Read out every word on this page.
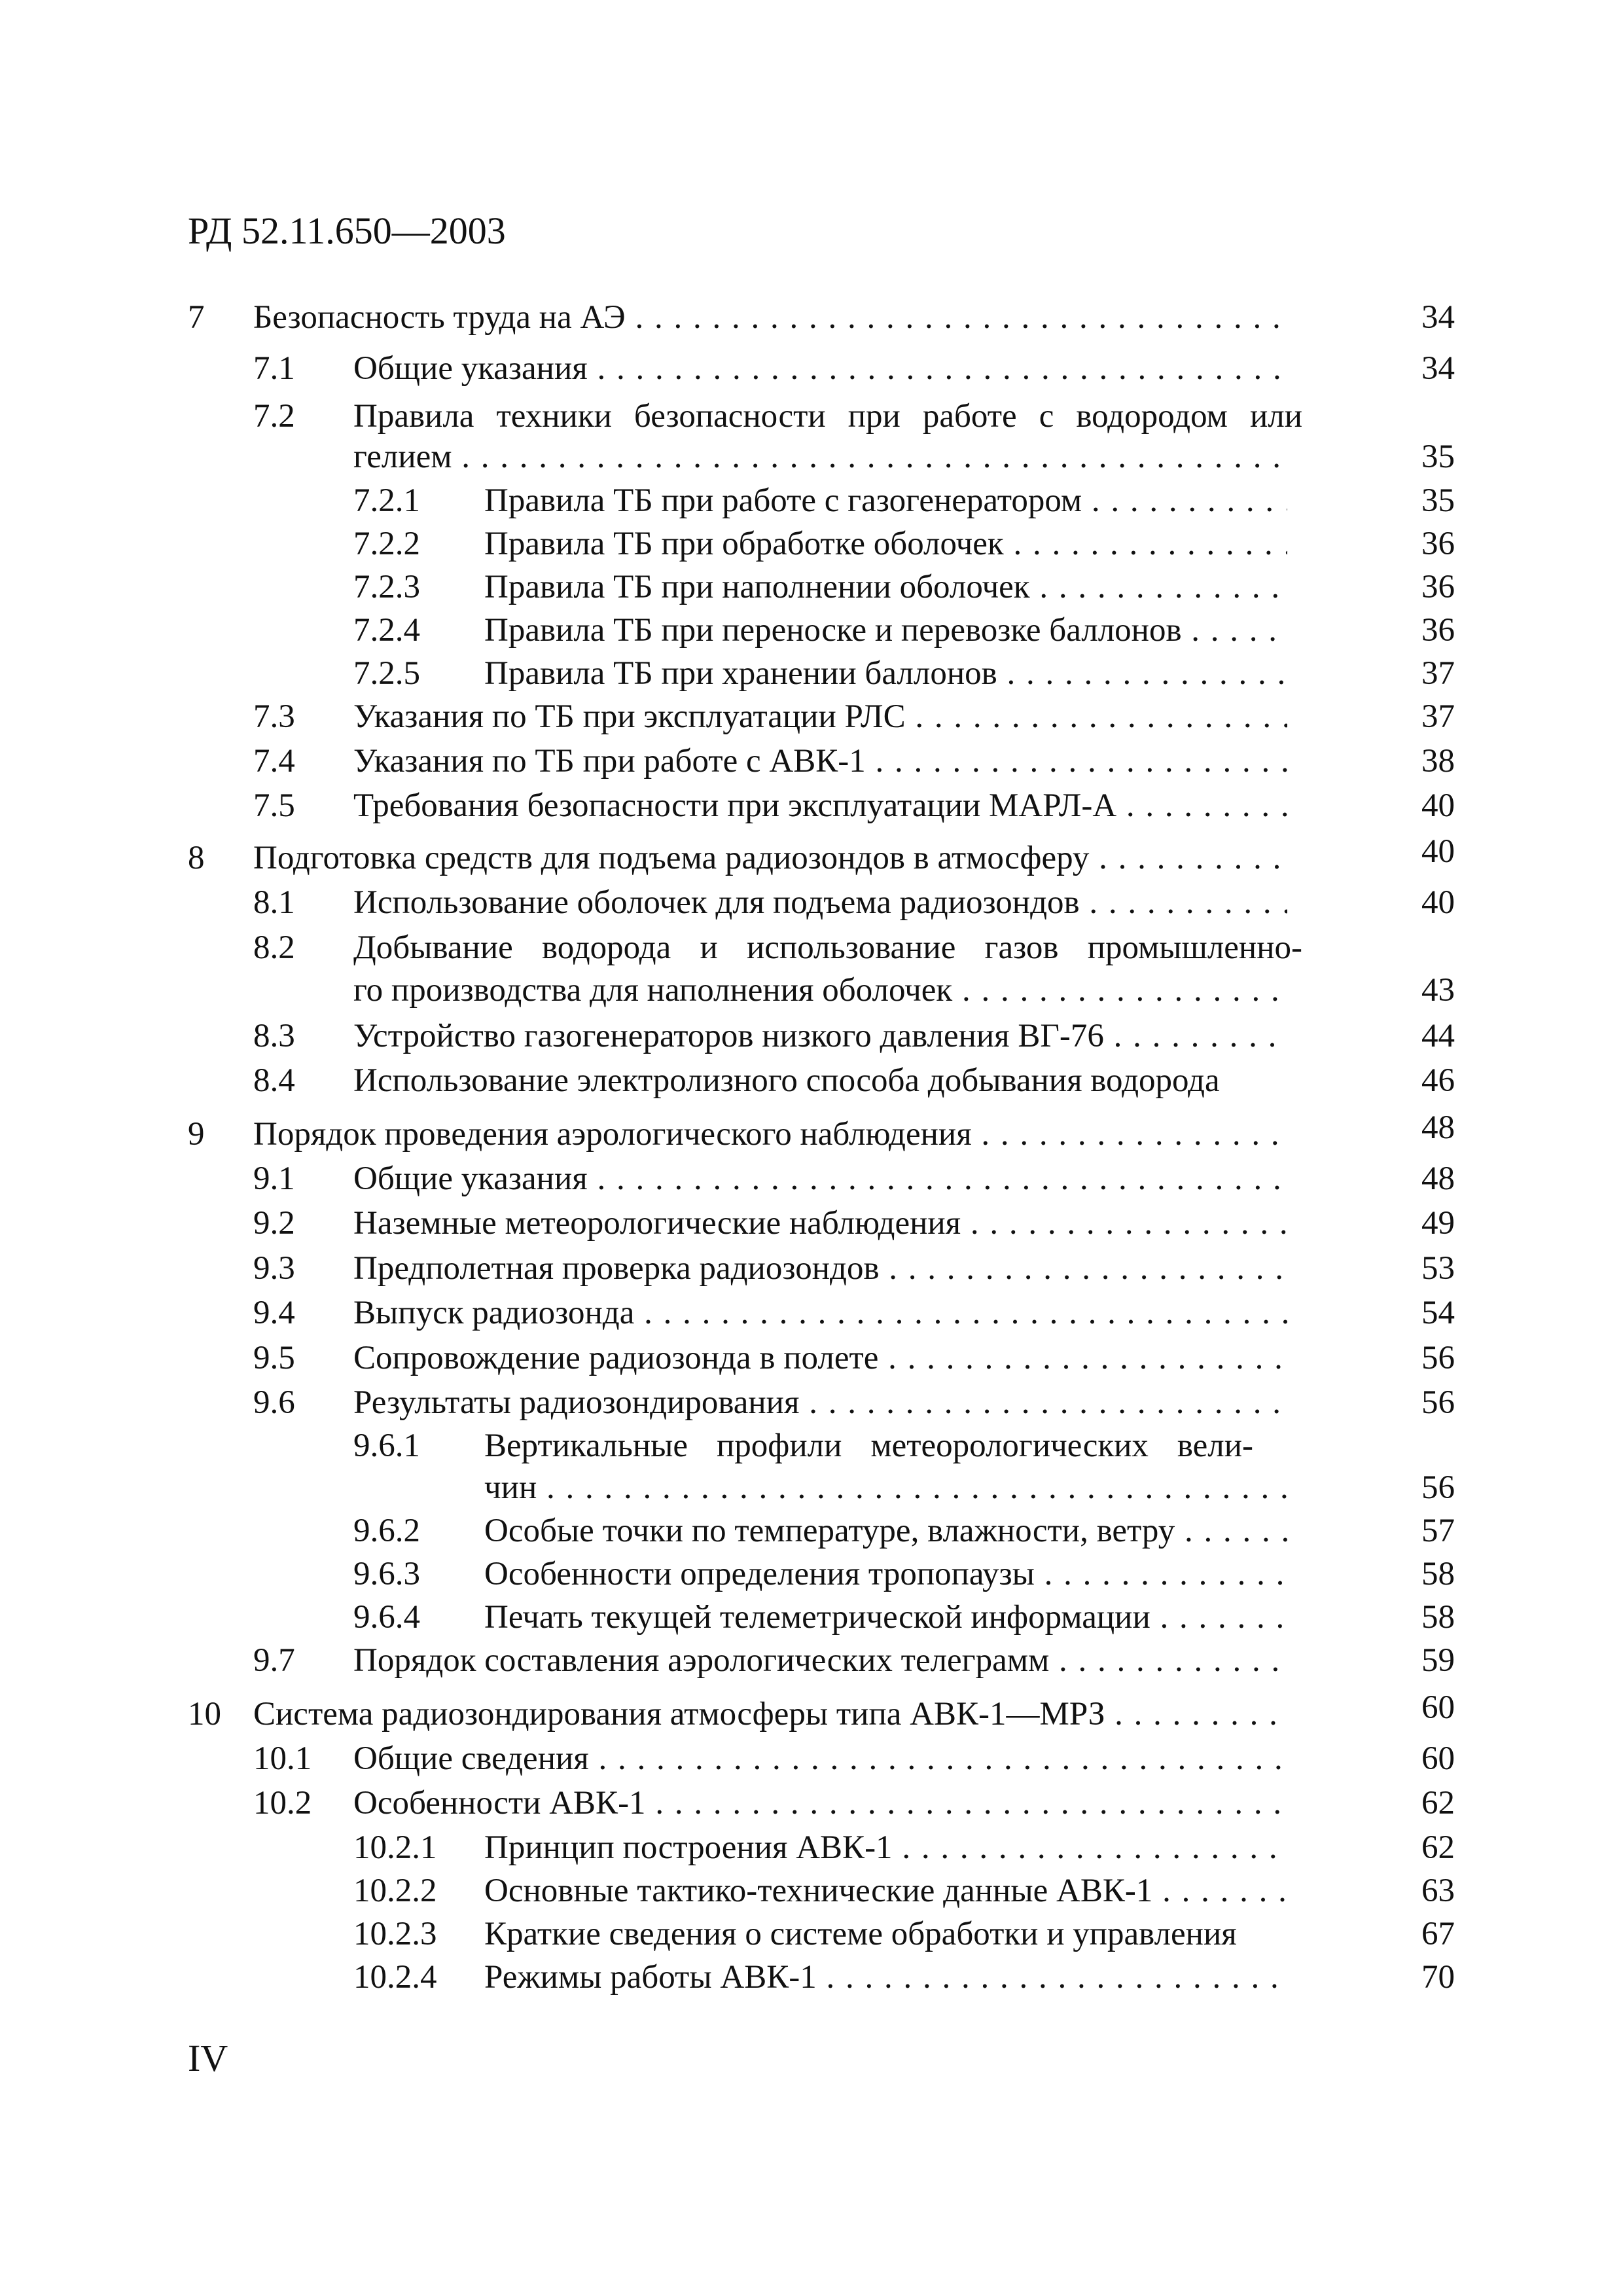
РД 52.11.650—2003
7 Безопасность труда на АЭ . . .	34
7.1 Общие указания . . .	34
7.2 Правила техники безопасности при работе с водородом или
гелием . . .	35
7.2.1 Правила ТБ при работе с газогенератором . . .	35
7.2.2 Правила ТБ при обработке оболочек . . .	36
7.2.3 Правила ТБ при наполнении оболочек . . .	36
7.2.4 Правила ТБ при переноске и перевозке баллонов . . .	36
7.2.5 Правила ТБ при хранении баллонов . . .	37
7.3 Указания по ТБ при эксплуатации РЛС . . .	37
7.4 Указания по ТБ при работе с АВК-1 . . .	38
7.5 Требования безопасности при эксплуатации МАРЛ-А . . .	40
8 Подготовка средств для подъема радиозондов в атмосферу . . .	40
8.1 Использование оболочек для подъема радиозондов . . .	40
8.2 Добывание водорода и использование газов промышленно-
го производства для наполнения оболочек . . .	43
8.3 Устройство газогенераторов низкого давления ВГ-76 . . .	44
8.4 Использование электролизного способа добывания водорода	46
9 Порядок проведения аэрологического наблюдения . . .	48
9.1 Общие указания . . .	48
9.2 Наземные метеорологические наблюдения . . .	49
9.3 Предполетная проверка радиозондов . . .	53
9.4 Выпуск радиозонда . . .	54
9.5 Сопровождение радиозонда в полете . . .	56
9.6 Результаты радиозондирования . . .	56
9.6.1 Вертикальные профили метеорологических вели-
чин . . .	56
9.6.2 Особые точки по температуре, влажности, ветру . . .	57
9.6.3 Особенности определения тропопаузы . . .	58
9.6.4 Печать текущей телеметрической информации . . .	58
9.7 Порядок составления аэрологических телеграмм . . .	59
10 Система радиозондирования атмосферы типа АВК-1—МРЗ . . .	60
10.1 Общие сведения . . .	60
10.2 Особенности АВК-1 . . .	62
10.2.1 Принцип построения АВК-1 . . .	62
10.2.2 Основные тактико-технические данные АВК-1 . . .	63
10.2.3 Краткие сведения о системе обработки и управления	67
10.2.4 Режимы работы АВК-1 . . .	70
IV
